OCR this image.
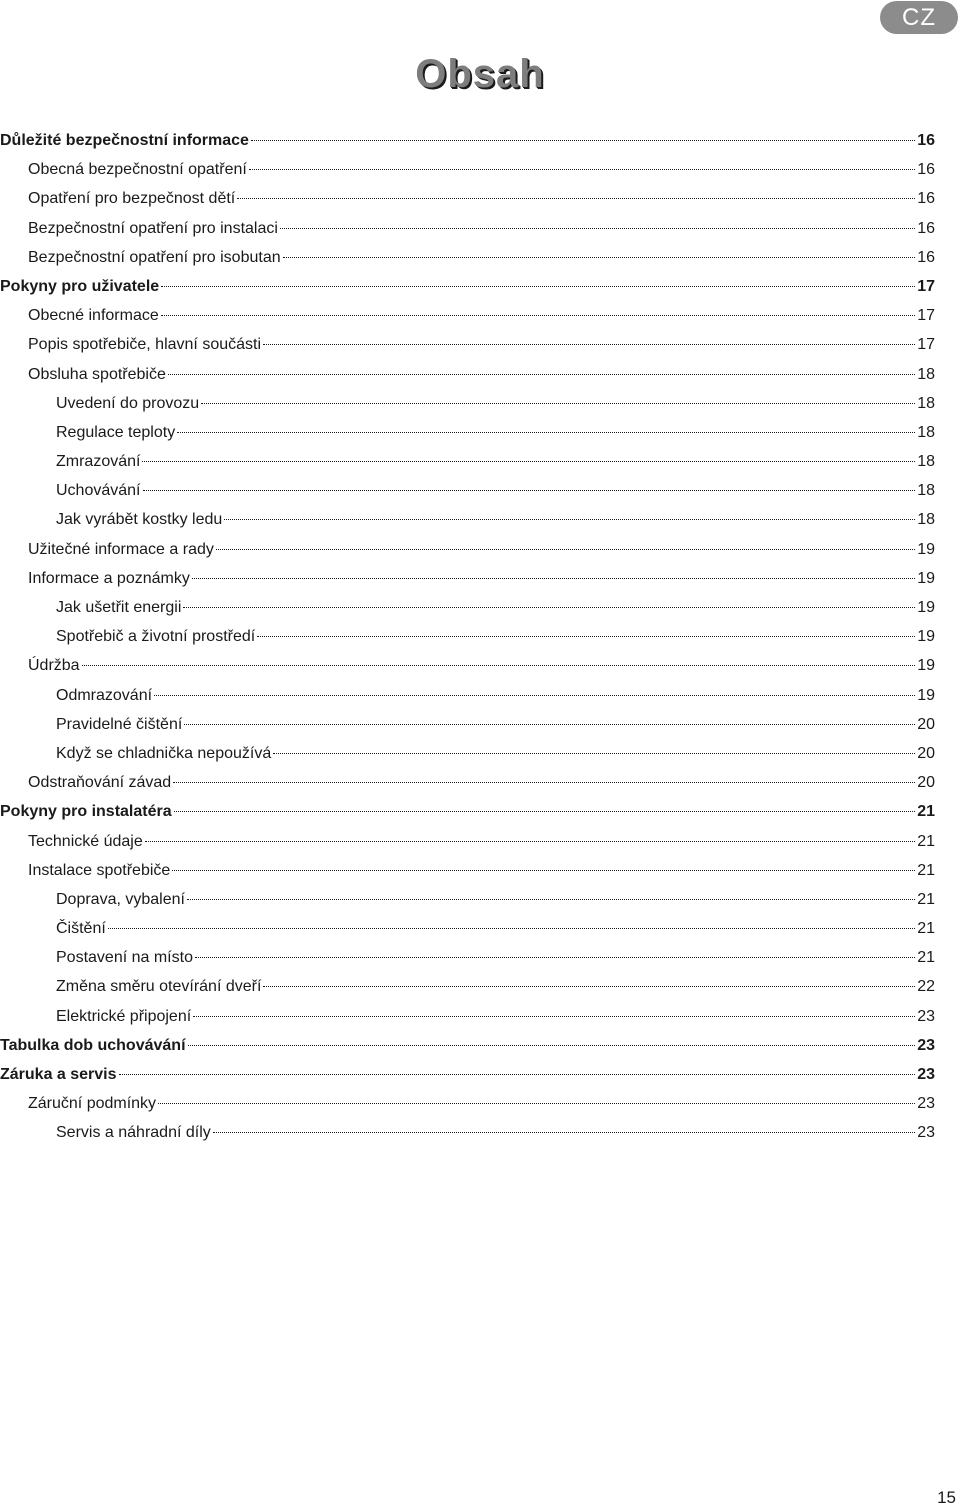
CZ
Obsah
Důležité bezpečnostní informace	16
Obecná bezpečnostní opatření	16
Opatření pro bezpečnost dětí	16
Bezpečnostní opatření pro instalaci	16
Bezpečnostní opatření pro isobutan	16
Pokyny pro uživatele	17
Obecné informace	17
Popis spotřebiče, hlavní součásti	17
Obsluha spotřebiče	18
Uvedení do provozu	18
Regulace teploty	18
Zmrazování	18
Uchovávání	18
Jak vyrábět kostky ledu	18
Užitečné informace a rady	19
Informace a poznámky	19
Jak ušetřit energii	19
Spotřebič a životní prostředí	19
Údržba	19
Odmrazování	19
Pravidelné čištění	20
Když se chladnička nepoužívá	20
Odstraňování závad	20
Pokyny pro instalatéra	21
Technické údaje	21
Instalace spotřebiče	21
Doprava, vybalení	21
Čištění	21
Postavení na místo	21
Změna směru otevírání dveří	22
Elektrické připojení	23
Tabulka dob uchovávání	23
Záruka a servis	23
Záruční podmínky	23
Servis a náhradní díly	23
15
